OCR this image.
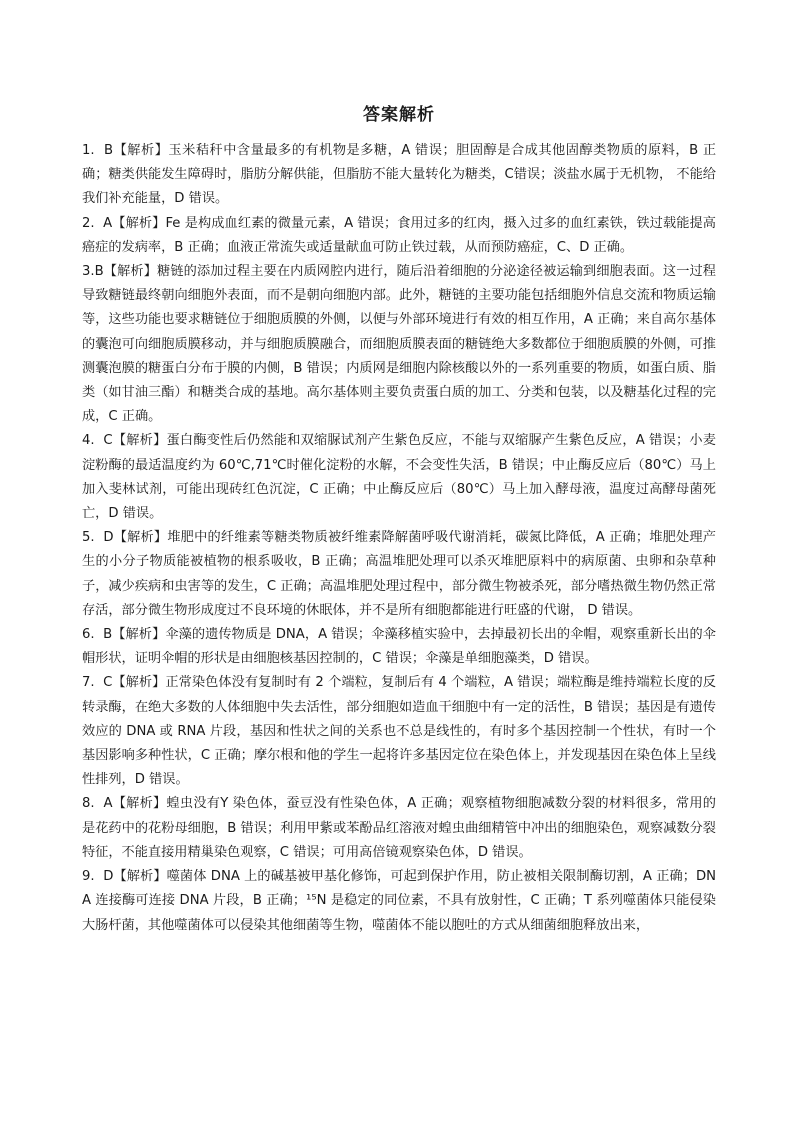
答案解析

1. B【解析】玉米秸秆中含量最多的有机物是多糖，A 错误；胆固醇是合成其他固醇类物质的原料，B 正确；糖类供能发生障碍时，脂肪分解供能，但脂肪不能大量转化为糖类，C错误；淡盐水属于无机物， 不能给我们补充能量，D 错误。

2. A【解析】Fe 是构成血红素的微量元素，A 错误；食用过多的红肉，摄入过多的血红素铁，铁过载能提高癌症的发病率，B 正确；血液正常流失或适量献血可防止铁过载，从而预防癌症，C、D 正确。

3.B【解析】糖链的添加过程主要在内质网腔内进行，随后沿着细胞的分泌途径被运输到细胞表面。这一过程导致糖链最终朝向细胞外表面，而不是朝向细胞内部。此外，糖链的主要功能包括细胞外信息交流和物质运输等，这些功能也要求糖链位于细胞质膜的外侧，以便与外部环境进行有效的相互作用，A 正确；来自高尔基体的囊泡可向细胞质膜移动，并与细胞质膜融合，而细胞质膜表面的糖链绝大多数都位于细胞质膜的外侧，可推测囊泡膜的糖蛋白分布于膜的内侧，B 错误；内质网是细胞内除核酸以外的一系列重要的物质，如蛋白质、脂类（如甘油三酯）和糖类合成的基地。高尔基体则主要负责蛋白质的加工、分类和包装，以及糖基化过程的完成，C 正确。

4. C【解析】蛋白酶变性后仍然能和双缩脲试剂产生紫色反应，不能与双缩脲产生紫色反应，A 错误；小麦淀粉酶的最适温度约为 60℃,71℃时催化淀粉的水解，不会变性失活，B 错误；中止酶反应后（80℃）马上加入斐林试剂，可能出现砖红色沉淀，C 正确；中止酶反应后（80℃）马上加入酵母液，温度过高酵母菌死亡，D 错误。

5. D【解析】堆肥中的纤维素等糖类物质被纤维素降解菌呼吸代谢消耗，碳氮比降低，A 正确；堆肥处理产生的小分子物质能被植物的根系吸收，B 正确；高温堆肥处理可以杀灭堆肥原料中的病原菌、虫卵和杂草种子，减少疾病和虫害等的发生，C 正确；高温堆肥处理过程中，部分微生物被杀死，部分嗜热微生物仍然正常存活，部分微生物形成度过不良环境的休眠体，并不是所有细胞都能进行旺盛的代谢， D 错误。

6. B【解析】伞藻的遗传物质是 DNA，A 错误；伞藻移植实验中，去掉最初长出的伞帽，观察重新长出的伞帽形状，证明伞帽的形状是由细胞核基因控制的，C 错误；伞藻是单细胞藻类，D 错误。

7. C【解析】正常染色体没有复制时有 2 个端粒，复制后有 4 个端粒，A 错误；端粒酶是维持端粒长度的反转录酶，在绝大多数的人体细胞中失去活性，部分细胞如造血干细胞中有一定的活性，B 错误；基因是有遗传效应的 DNA 或 RNA 片段，基因和性状之间的关系也不总是线性的，有时多个基因控制一个性状，有时一个基因影响多种性状，C 正确；摩尔根和他的学生一起将许多基因定位在染色体上，并发现基因在染色体上呈线性排列，D 错误。

8. A【解析】蝗虫没有Y 染色体，蚕豆没有性染色体，A 正确；观察植物细胞减数分裂的材料很多，常用的是花药中的花粉母细胞，B 错误；利用甲紫或苯酚品红溶液对蝗虫曲细精管中冲出的细胞染色，观察减数分裂特征，不能直接用精巢染色观察，C 错误；可用高倍镜观察染色体，D 错误。

9. D【解析】噬菌体 DNA 上的碱基被甲基化修饰，可起到保护作用，防止被相关限制酶切割，A 正确；DNA 连接酶可连接 DNA 片段，B 正确；¹⁵N 是稳定的同位素，不具有放射性，C 正确；T 系列噬菌体只能侵染大肠杆菌，其他噬菌体可以侵染其他细菌等生物，噬菌体不能以胞吐的方式从细菌细胞释放出来，
